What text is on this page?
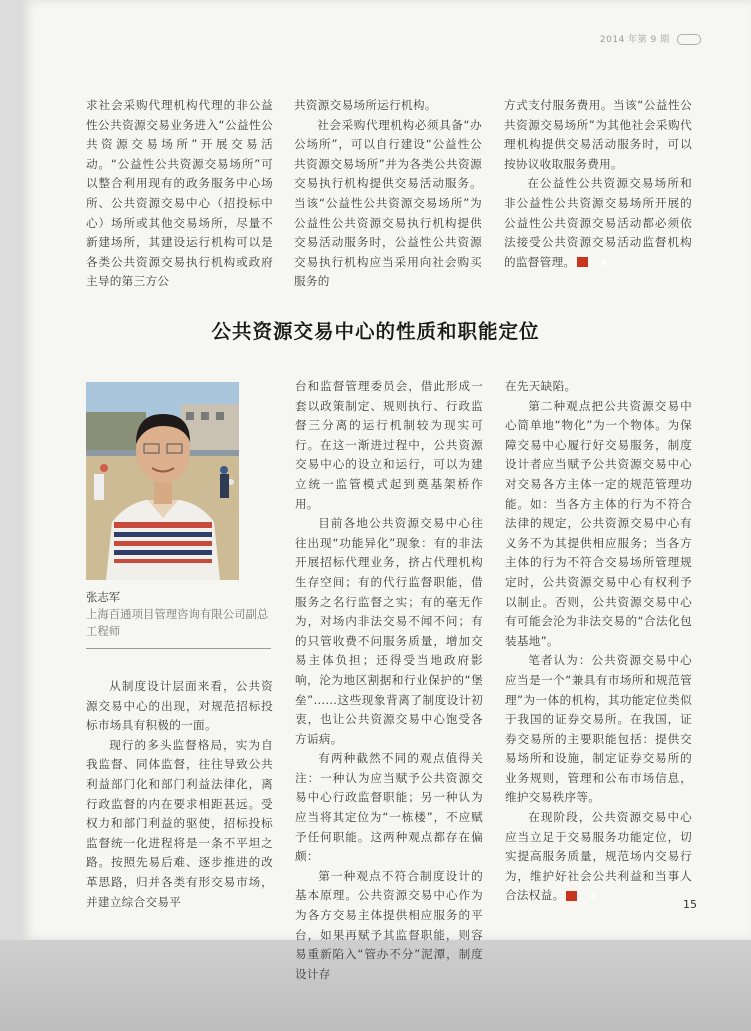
2014 年第 9 期

求社会采购代理机构代理的非公益性公共资源交易业务进入“公益性公共资源交易场所”开展交易活动。“公益性公共资源交易场所”可以整合利用现有的政务服务中心场所、公共资源交易中心（招投标中心）场所或其他交易场所，尽量不新建场所，其建设运行机构可以是各类公共资源交易执行机构或政府主导的第三方公

共资源交易场所运行机构。

社会采购代理机构必须具备“办公场所”，可以自行建设“公益性公共资源交易场所”并为各类公共资源交易执行机构提供交易活动服务。当该“公益性公共资源交易场所”为公益性公共资源交易执行机构提供交易活动服务时，公益性公共资源交易执行机构应当采用向社会购买服务的

方式支付服务费用。当该“公益性公共资源交易场所”为其他社会采购代理机构提供交易活动服务时，可以按协议收取服务费用。

在公益性公共资源交易场所和非公益性公共资源交易场所开展的公益性公共资源交易活动都必须依法接受公共资源交易活动监督机构的监督管理。	▣

公共资源交易中心的性质和职能定位
张志军
上海百通项目管理咨询有限公司副总工程师

从制度设计层面来看，公共资源交易中心的出现，对规范招标投标市场具有积极的一面。

现行的多头监督格局，实为自我监督、同体监督，往往导致公共利益部门化和部门利益法律化，离行政监督的内在要求相距甚远。受权力和部门利益的驱使，招标投标监督统一化进程将是一条不平坦之路。按照先易后难、逐步推进的改革思路，归并各类有形交易市场，并建立综合交易平

台和监督管理委员会，借此形成一套以政策制定、规则执行、行政监督三分离的运行机制较为现实可行。在这一渐进过程中，公共资源交易中心的设立和运行，可以为建立统一监管模式起到奠基架桥作用。

目前各地公共资源交易中心往往出现“功能异化”现象：有的非法开展招标代理业务，挤占代理机构生存空间；有的代行监督职能，借服务之名行监督之实；有的毫无作为，对场内非法交易不闻不问；有的只管收费不问服务质量，增加交易主体负担；还得受当地政府影响，沦为地区割据和行业保护的“堡垒”……这些现象背离了制度设计初衷，也让公共资源交易中心饱受各方诟病。

有两种截然不同的观点值得关注：一种认为应当赋予公共资源交易中心行政监督职能；另一种认为应当将其定位为“一栋楼”，不应赋予任何职能。这两种观点都存在偏颇：

第一种观点不符合制度设计的基本原理。公共资源交易中心作为为各方交易主体提供相应服务的平台，如果再赋予其监督职能，则容易重新陷入“管办不分”泥潭，制度设计存

在先天缺陷。

第二种观点把公共资源交易中心简单地“物化”为一个物体。为保障交易中心履行好交易服务，制度设计者应当赋予公共资源交易中心对交易各方主体一定的规范管理功能。如：当各方主体的行为不符合法律的规定，公共资源交易中心有义务不为其提供相应服务；当各方主体的行为不符合交易场所管理规定时，公共资源交易中心有权利予以制止。否则，公共资源交易中心有可能会沦为非法交易的“合法化包装基地”。

笔者认为：公共资源交易中心应当是一个“兼具有市场所和规范管理”为一体的机构，其功能定位类似于我国的证券交易所。在我国，证券交易所的主要职能包括：提供交易场所和设施，制定证券交易所的业务规则，管理和公布市场信息，维护交易秩序等。

在现阶段，公共资源交易中心应当立足于交易服务功能定位，切实提高服务质量，规范场内交易行为，维护好社会公共利益和当事人合法权益。	▣

15
